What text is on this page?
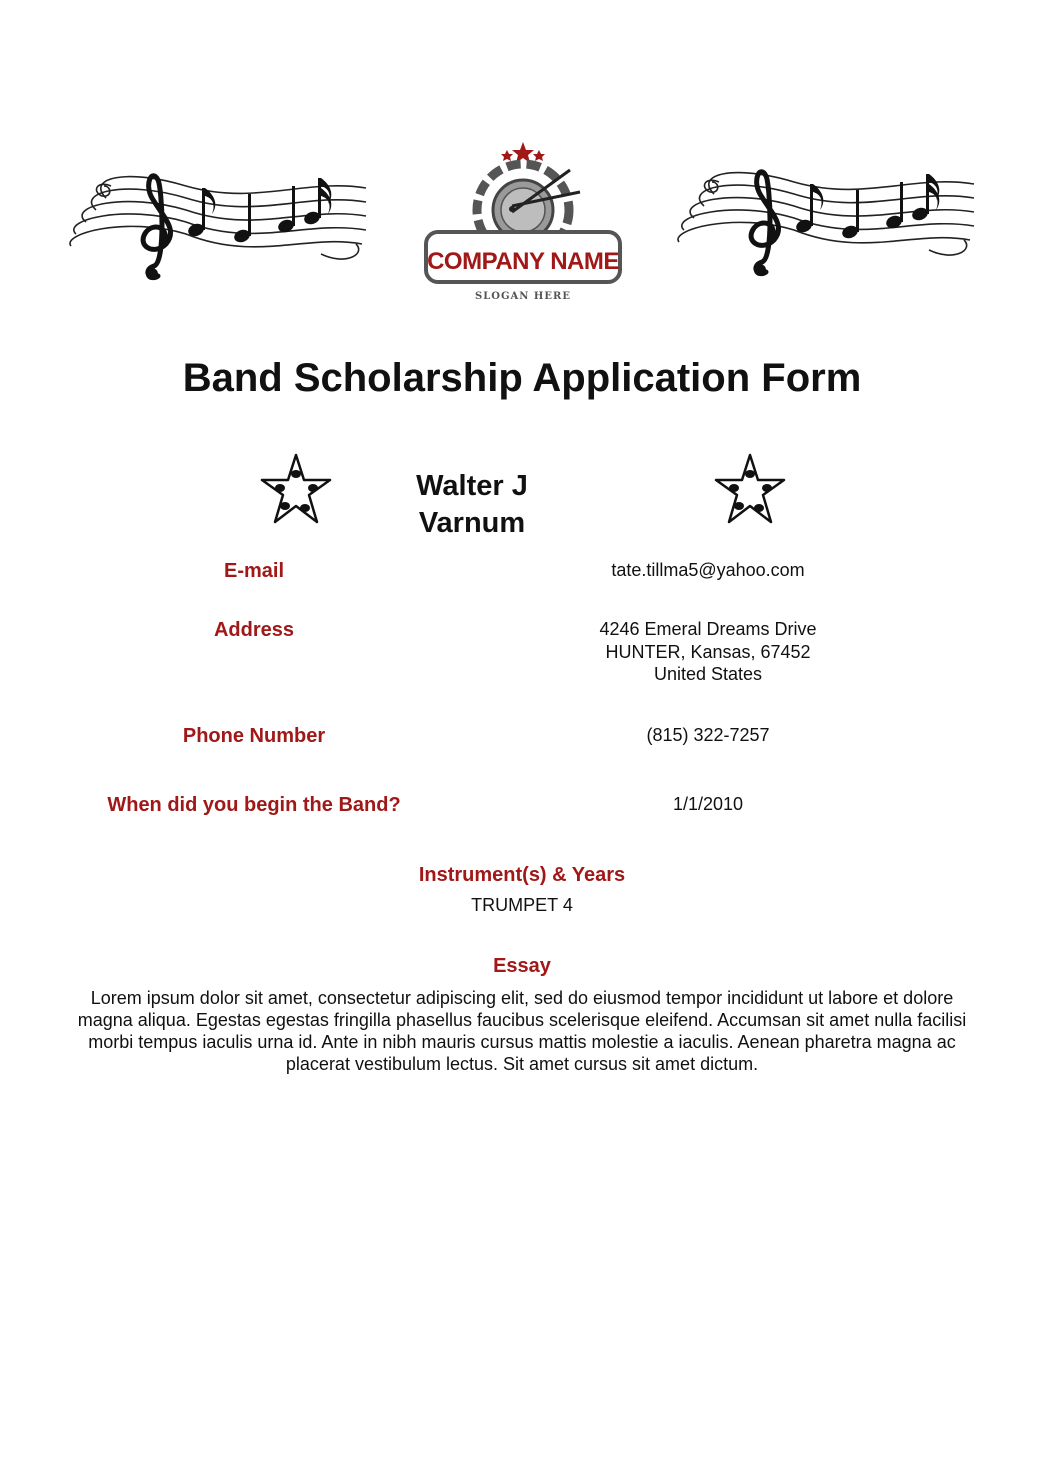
COMPANY NAME
SLOGAN HERE
Band Scholarship Application Form
Walter J
Varnum
E-mail	tate.tillma5@yahoo.com
Address	4246 Emeral Dreams Drive
HUNTER, Kansas, 67452
United States
Phone Number	(815) 322-7257
When did you begin the Band?	1/1/2010
Instrument(s) & Years
TRUMPET 4
Essay
Lorem ipsum dolor sit amet, consectetur adipiscing elit, sed do eiusmod tempor incididunt ut labore et dolore magna aliqua. Egestas egestas fringilla phasellus faucibus scelerisque eleifend. Accumsan sit amet nulla facilisi morbi tempus iaculis urna id. Ante in nibh mauris cursus mattis molestie a iaculis. Aenean pharetra magna ac placerat vestibulum lectus. Sit amet cursus sit amet dictum.
